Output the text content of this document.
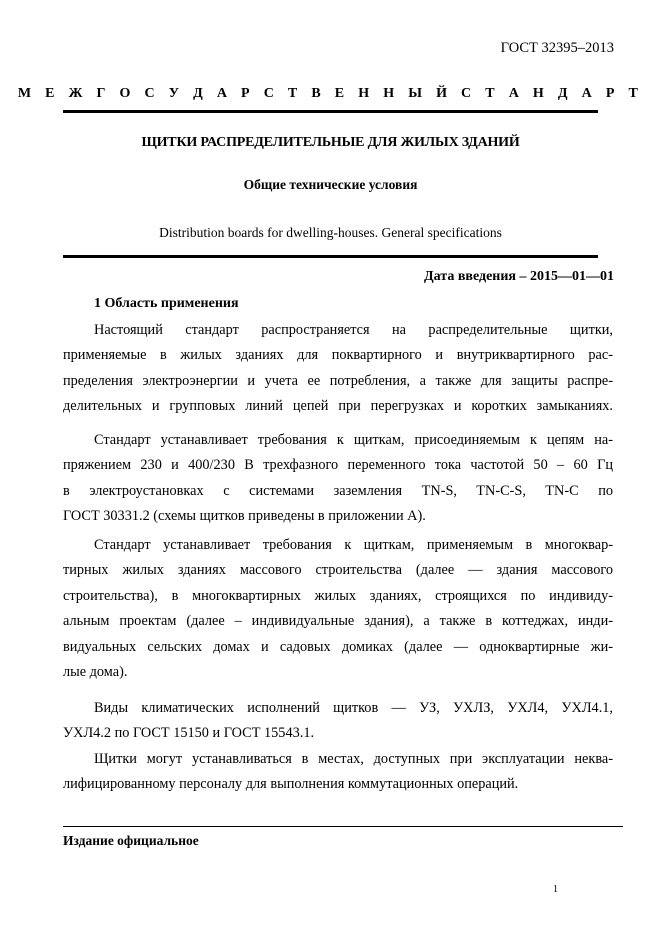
ГОСТ 32395–2013
М Е Ж Г О С У Д А Р С Т В Е Н Н Ы Й С Т А Н Д А Р Т
ЩИТКИ РАСПРЕДЕЛИТЕЛЬНЫЕ ДЛЯ ЖИЛЫХ ЗДАНИЙ
Общие технические условия
Distribution boards for dwelling-houses. General specifications
Дата введения – 2015—01—01
1 Область применения
Настоящий стандарт распространяется на распределительные щитки,
применяемые в жилых зданиях для поквартирного и внутриквартирного рас-
пределения электроэнергии и учета ее потребления, а также для защиты распре-
делительных и групповых линий цепей при перегрузках и коротких замыканиях.
Стандарт устанавливает требования к щиткам, присоединяемым к цепям на-
пряжением 230 и 400/230 В трехфазного переменного тока частотой 50 – 60 Гц
в электроустановках с системами заземления TN-S, TN-C-S, TN-C по
ГОСТ 30331.2 (схемы щитков приведены в приложении А).
Стандарт устанавливает требования к щиткам, применяемым в многоквар-
тирных жилых зданиях массового строительства (далее — здания массового
строительства), в многоквартирных жилых зданиях, строящихся по индивиду-
альным проектам (далее – индивидуальные здания), а также в коттеджах, инди-
видуальных сельских домах и садовых домиках (далее — одноквартирные жи-
лые дома).
Виды климатических исполнений щитков — УЗ, УХЛЗ, УХЛ4, УХЛ4.1,
УХЛ4.2 по ГОСТ 15150 и ГОСТ 15543.1.
Щитки могут устанавливаться в местах, доступных при эксплуатации неква-
лифицированному персоналу для выполнения коммутационных операций.
Издание официальное
1
